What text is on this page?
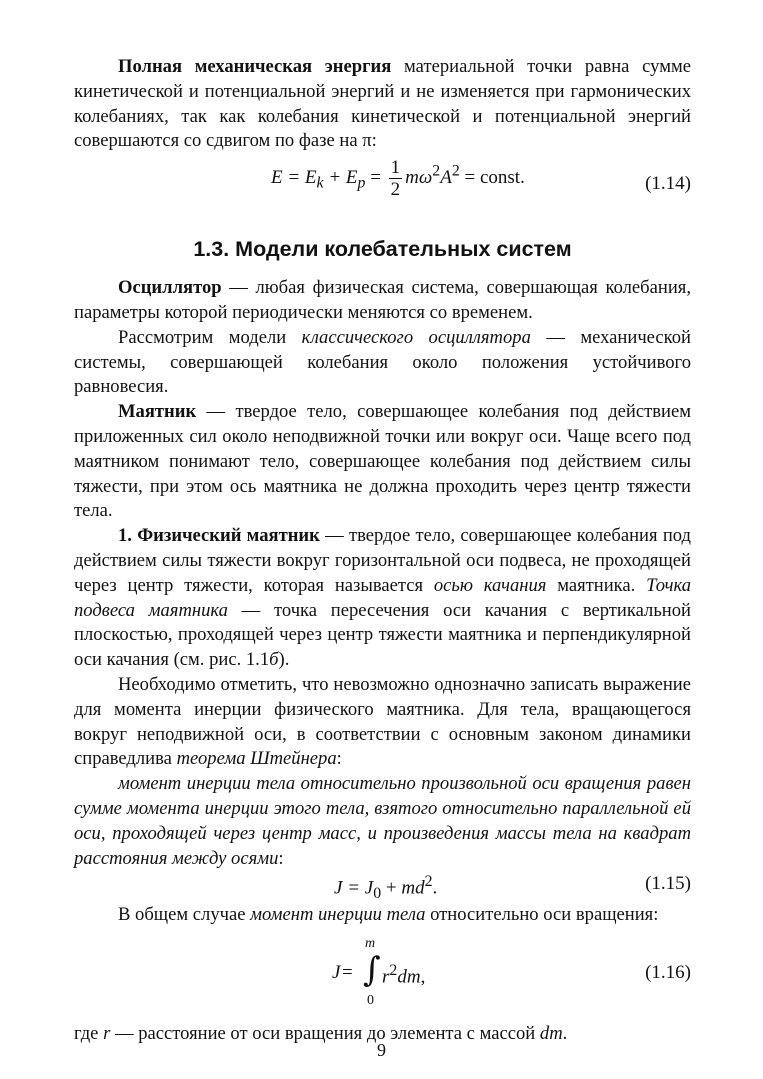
Полная механическая энергия материальной точки равна сумме кинетической и потенциальной энергий и не изменяется при гармонических колебаниях, так как колебания кинетической и потенциальной энергий совершаются со сдвигом по фазе на π:

$E = E_k + E_p = \frac{1}{2} m\omega^2A^2$ = const.	(1.14)
1.3. Модели колебательных систем

Осциллятор — любая физическая система, совершающая колебания, параметры которой периодически меняются со временем.

Рассмотрим модели классического осциллятора — механической системы, совершающей колебания около положения устойчивого равновесия.

Маятник — твердое тело, совершающее колебания под действием приложенных сил около неподвижной точки или вокруг оси. Чаще всего под маятником понимают тело, совершающее колебания под действием силы тяжести, при этом ось маятника не должна проходить через центр тяжести тела.

1. Физический маятник — твердое тело, совершающее колебания под действием силы тяжести вокруг горизонтальной оси подвеса, не проходящей через центр тяжести, которая называется осью качания маятника. Точка подвеса маятника — точка пересечения оси качания с вертикальной плоскостью, проходящей через центр тяжести маятника и перпендикулярной оси качания (см. рис. 1.1б).

Необходимо отметить, что невозможно однозначно записать выражение для момента инерции физического маятника. Для тела, вращающегося вокруг неподвижной оси, в соответствии с основным законом динамики справедлива теорема Штейнера:

момент инерции тела относительно произвольной оси вращения равен сумме момента инерции этого тела, взятого относительно параллельной ей оси, проходящей через центр масс, и произведения массы тела на квадрат расстояния между осями:

$J = J_0 + md^2$.	(1.15)

В общем случае момент инерции тела относительно оси вращения:

J =
m
∫
0
$r^2dm$,	(1.16)

где r — расстояние от оси вращения до элемента с массой dm.

9
